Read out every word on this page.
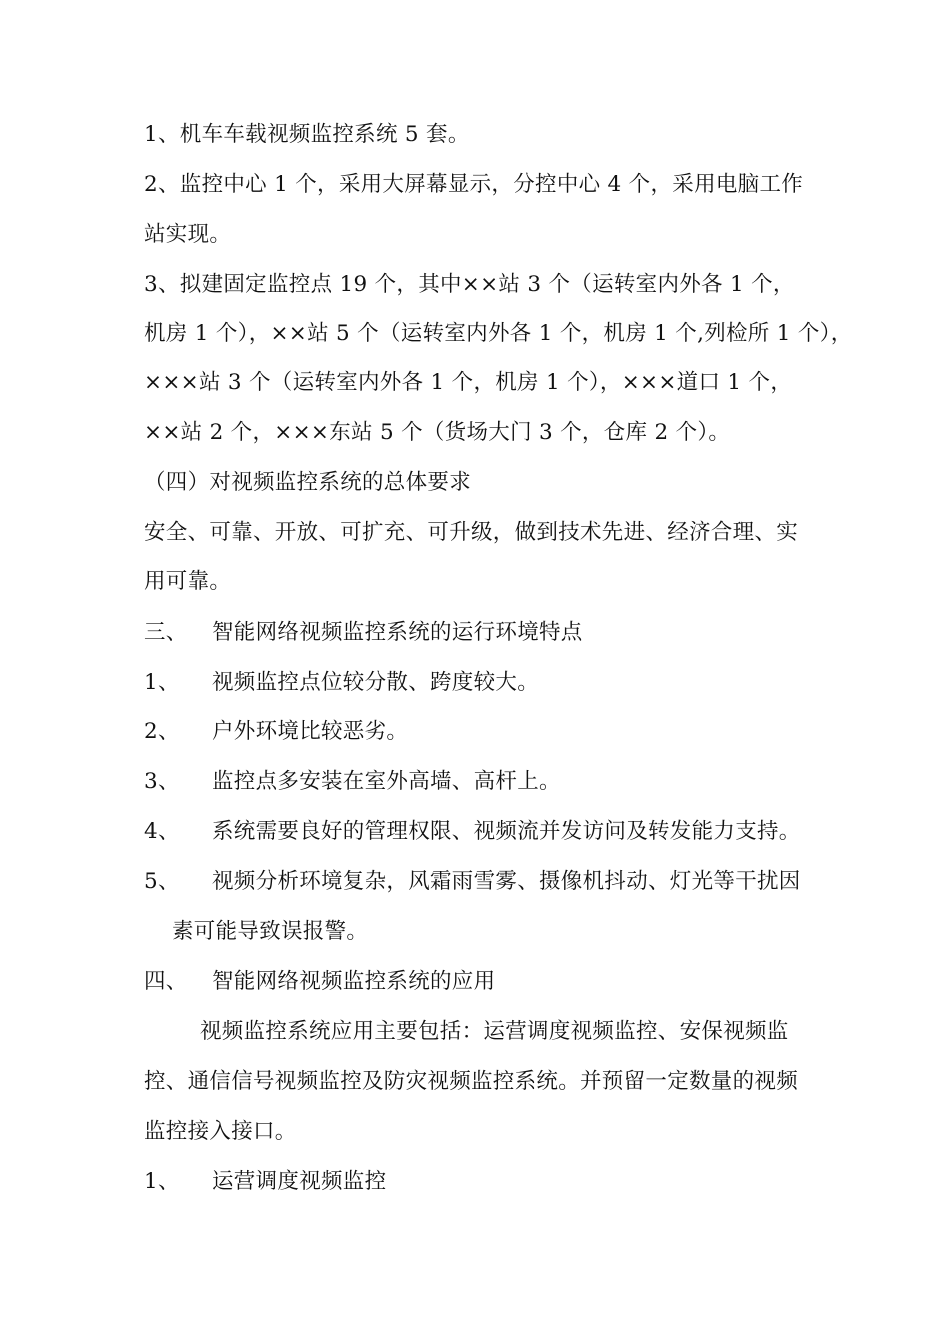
1、机车车载视频监控系统 5 套。
2、监控中心 1 个，采用大屏幕显示，分控中心 4 个，采用电脑工作
站实现。
3、拟建固定监控点 19 个，其中××站 3 个（运转室内外各 1 个，
机房 1 个），××站 5 个（运转室内外各 1 个，机房 1 个,列检所 1 个），
×××站 3 个（运转室内外各 1 个，机房 1 个），×××道口 1 个，
××站 2 个，×××东站 5 个（货场大门 3 个，仓库 2 个）。
（四）对视频监控系统的总体要求
安全、可靠、开放、可扩充、可升级，做到技术先进、经济合理、实
用可靠。
三、 智能网络视频监控系统的运行环境特点
1、 视频监控点位较分散、跨度较大。
2、 户外环境比较恶劣。
3、 监控点多安装在室外高墙、高杆上。
4、 系统需要良好的管理权限、视频流并发访问及转发能力支持。
5、 视频分析环境复杂，风霜雨雪雾、摄像机抖动、灯光等干扰因
素可能导致误报警。
四、 智能网络视频监控系统的应用
视频监控系统应用主要包括：运营调度视频监控、安保视频监
控、通信信号视频监控及防灾视频监控系统。并预留一定数量的视频
监控接入接口。
1、 运营调度视频监控
